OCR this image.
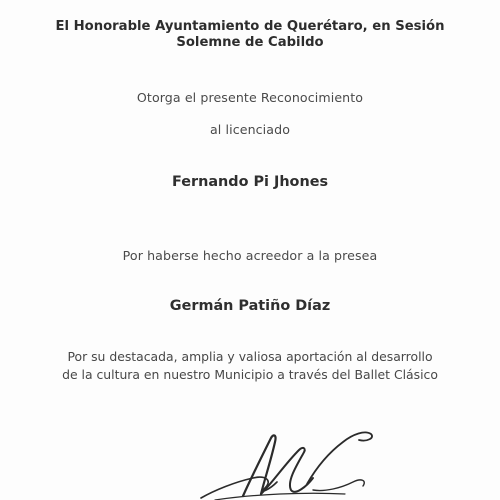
El Honorable Ayuntamiento de Querétaro, en Sesión
Solemne de Cabildo
Otorga el presente Reconocimiento
al licenciado
Fernando Pi Jhones
Por haberse hecho acreedor a la presea
Germán Patiño Díaz
Por su destacada, amplia y valiosa aportación al desarrollo
de la cultura en nuestro Municipio a través del Ballet Clásico
